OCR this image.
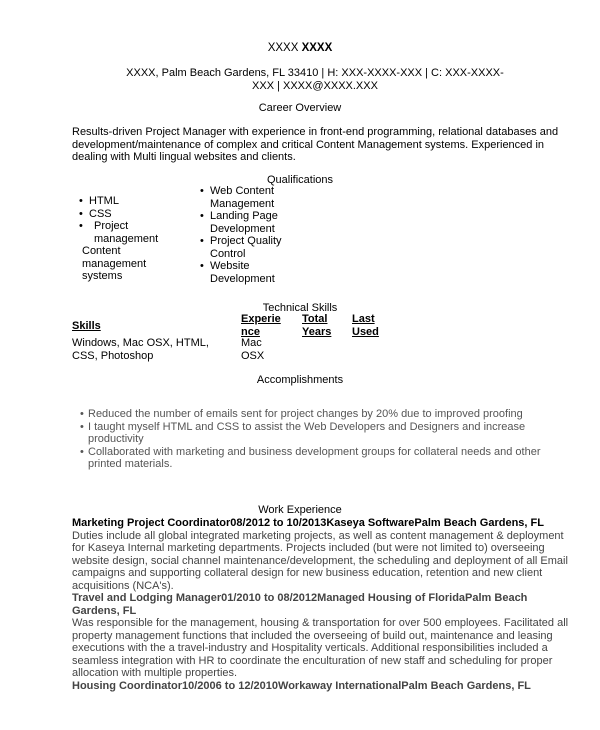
XXXX XXXX
XXXX, Palm Beach Gardens, FL 33410 | H: XXX-XXXX-XXX | C: XXX-XXXX-
XXX | XXXX@XXXX.XXX
Career Overview
Results-driven Project Manager with experience in front-end programming, relational databases and development/maintenance of complex and critical Content Management systems. Experienced in dealing with Multi lingual websites and clients.
Qualifications
• HTML
• CSS
• Project management
Content management systems
• Web Content Management
• Landing Page Development
• Project Quality Control
• Website Development
Technical Skills
Skills
Experience
Total Years
Last Used
Windows, Mac OSX, HTML, CSS, Photoshop
Mac OSX
Accomplishments
• Reduced the number of emails sent for project changes by 20% due to improved proofing
• I taught myself HTML and CSS to assist the Web Developers and Designers and increase productivity
• Collaborated with marketing and business development groups for collateral needs and other printed materials.
Work Experience
Marketing Project Coordinator08/2012 to 10/2013Kaseya SoftwarePalm Beach Gardens, FL
Duties include all global integrated marketing projects, as well as content management & deployment for Kaseya Internal marketing departments. Projects included (but were not limited to) overseeing website design, social channel maintenance/development, the scheduling and deployment of all Email campaigns and supporting collateral design for new business education, retention and new client acquisitions (NCA's).
Travel and Lodging Manager01/2010 to 08/2012Managed Housing of FloridaPalm Beach Gardens, FL
Was responsible for the management, housing & transportation for over 500 employees. Facilitated all property management functions that included the overseeing of build out, maintenance and leasing executions with the a travel-industry and Hospitality verticals. Additional responsibilities included a seamless integration with HR to coordinate the enculturation of new staff and scheduling for proper allocation with multiple properties.
Housing Coordinator10/2006 to 12/2010Workaway InternationalPalm Beach Gardens, FL
